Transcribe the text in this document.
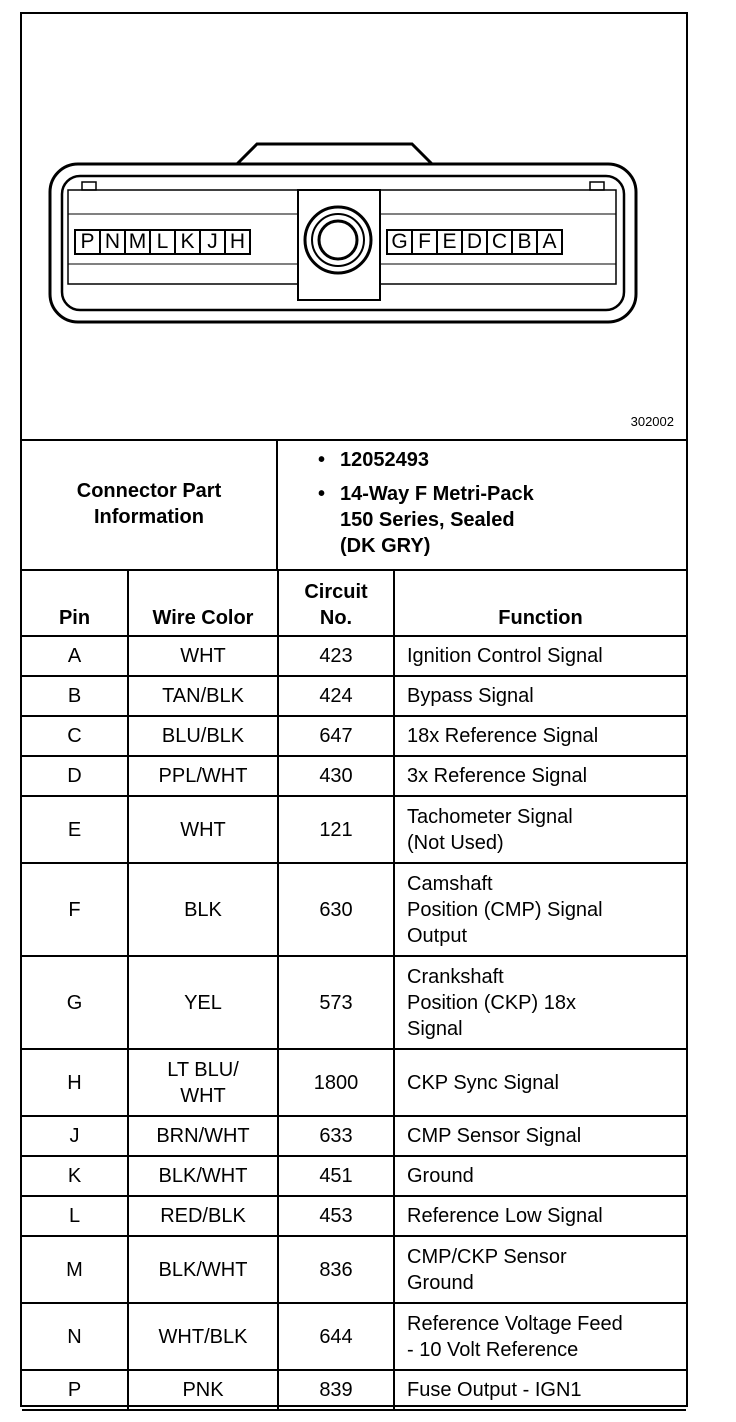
P N M L K J H	G F E D C B A
302002
Connector Part
Information
• 12052493
• 14-Way F Metri-Pack
150 Series, Sealed
(DK GRY)
Pin	Wire Color	Circuit
No.	Function
A	WHT	423	Ignition Control Signal

B	TAN/BLK	424	Bypass Signal

C	BLU/BLK	647	18x Reference Signal

D	PPL/WHT	430	3x Reference Signal

E	WHT	121	Tachometer Signal
(Not Used)

F	BLK	630	Camshaft
Position (CMP) Signal
Output

G	YEL	573	Crankshaft
Position (CKP) 18x
Signal

H	LT BLU/
WHT	1800	CKP Sync Signal

J	BRN/WHT	633	CMP Sensor Signal

K	BLK/WHT	451	Ground

L	RED/BLK	453	Reference Low Signal

M	BLK/WHT	836	CMP/CKP Sensor
Ground

N	WHT/BLK	644	Reference Voltage Feed
- 10 Volt Reference

P	PNK	839	Fuse Output - IGN1
